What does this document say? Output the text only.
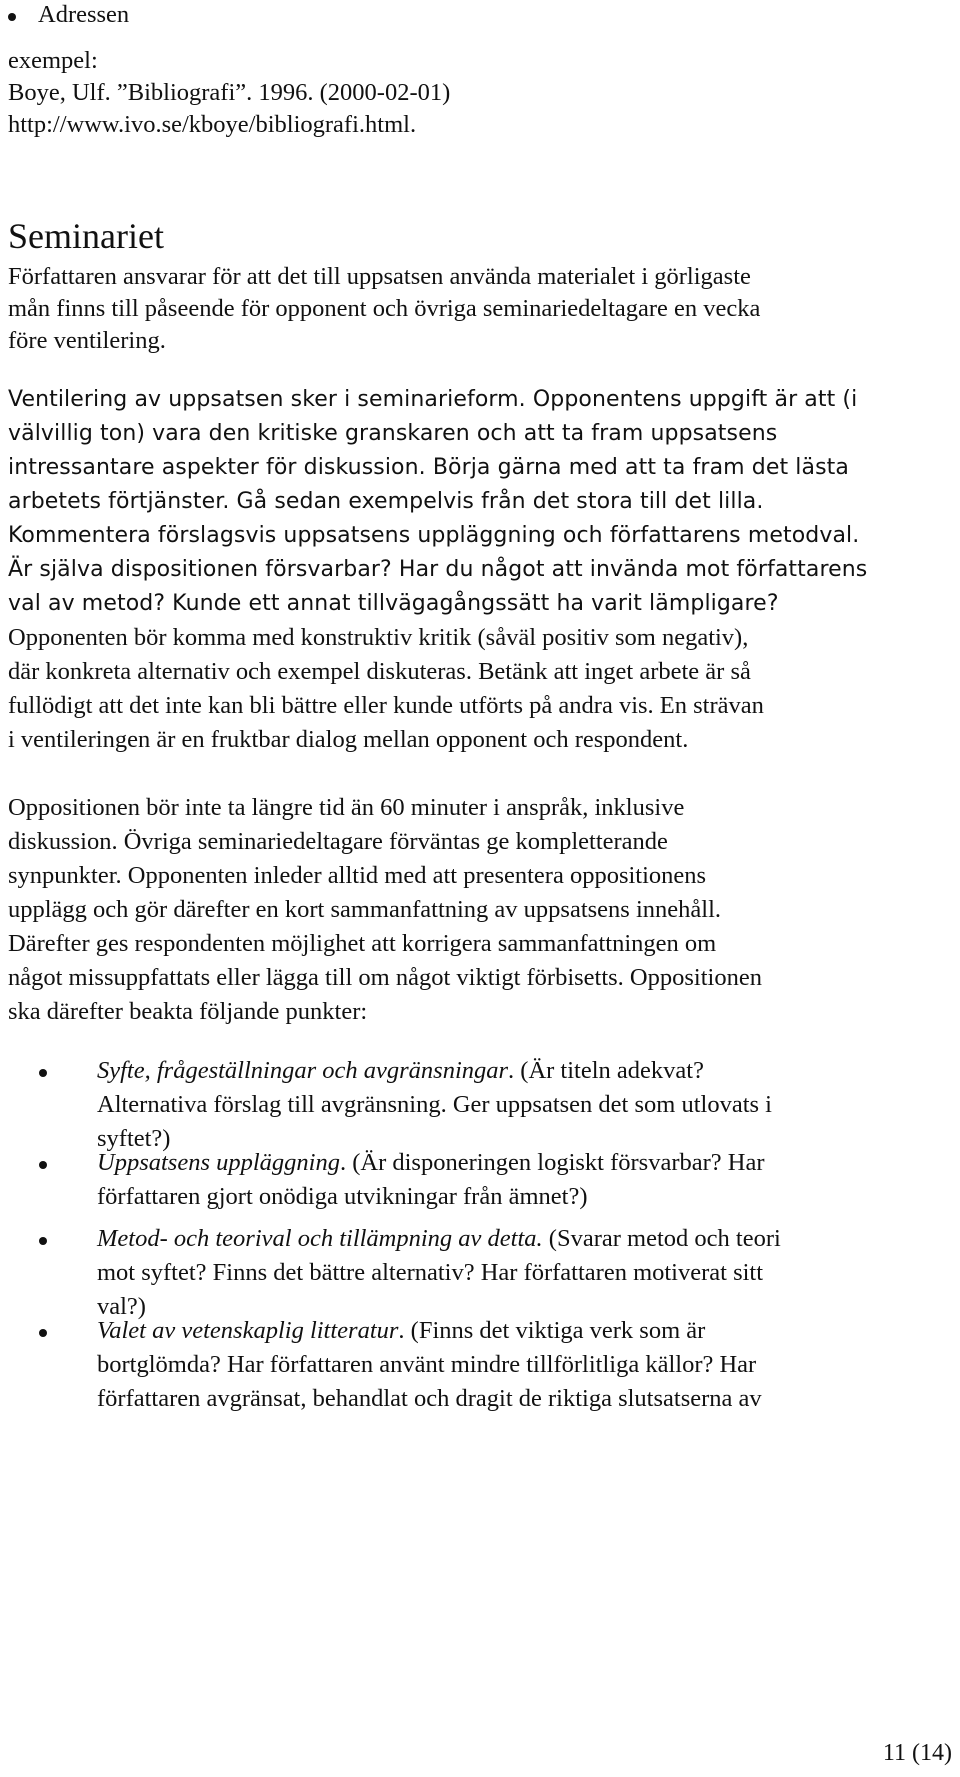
Adressen
exempel:
Boye, Ulf. ”Bibliografi”. 1996. (2000-02-01)
http://www.ivo.se/kboye/bibliografi.html.
Seminariet
Författaren ansvarar för att det till uppsatsen använda materialet i görligaste
mån finns till påseende för opponent och övriga seminariedeltagare en vecka
före ventilering.
Ventilering av uppsatsen sker i seminarieform. Opponentens uppgift är att (i
välvillig ton) vara den kritiske granskaren och att ta fram uppsatsens
intressantare aspekter för diskussion. Börja gärna med att ta fram det lästa
arbetets förtjänster. Gå sedan exempelvis från det stora till det lilla.
Kommentera förslagsvis uppsatsens uppläggning och författarens metodval.
Är själva dispositionen försvarbar? Har du något att invända mot författarens
val av metod? Kunde ett annat tillvägagångssätt ha varit lämpligare?
Opponenten bör komma med konstruktiv kritik (såväl positiv som negativ),
där konkreta alternativ och exempel diskuteras. Betänk att inget arbete är så
fullödigt att det inte kan bli bättre eller kunde utförts på andra vis. En strävan
i ventileringen är en fruktbar dialog mellan opponent och respondent.
Oppositionen bör inte ta längre tid än 60 minuter i anspråk, inklusive
diskussion. Övriga seminariedeltagare förväntas ge kompletterande
synpunkter. Opponenten inleder alltid med att presentera oppositionens
upplägg och gör därefter en kort sammanfattning av uppsatsens innehåll.
Därefter ges respondenten möjlighet att korrigera sammanfattningen om
något missuppfattats eller lägga till om något viktigt förbisetts. Oppositionen
ska därefter beakta följande punkter:
Syfte, frågeställningar och avgränsningar. (Är titeln adekvat?
Alternativa förslag till avgränsning. Ger uppsatsen det som utlovats i
syftet?)
Uppsatsens uppläggning. (Är disponeringen logiskt försvarbar? Har
författaren gjort onödiga utvikningar från ämnet?)
Metod- och teorival och tillämpning av detta. (Svarar metod och teori
mot syftet? Finns det bättre alternativ? Har författaren motiverat sitt
val?)
Valet av vetenskaplig litteratur. (Finns det viktiga verk som är
bortglömda? Har författaren använt mindre tillförlitliga källor? Har
författaren avgränsat, behandlat och dragit de riktiga slutsatserna av
11 (14)
